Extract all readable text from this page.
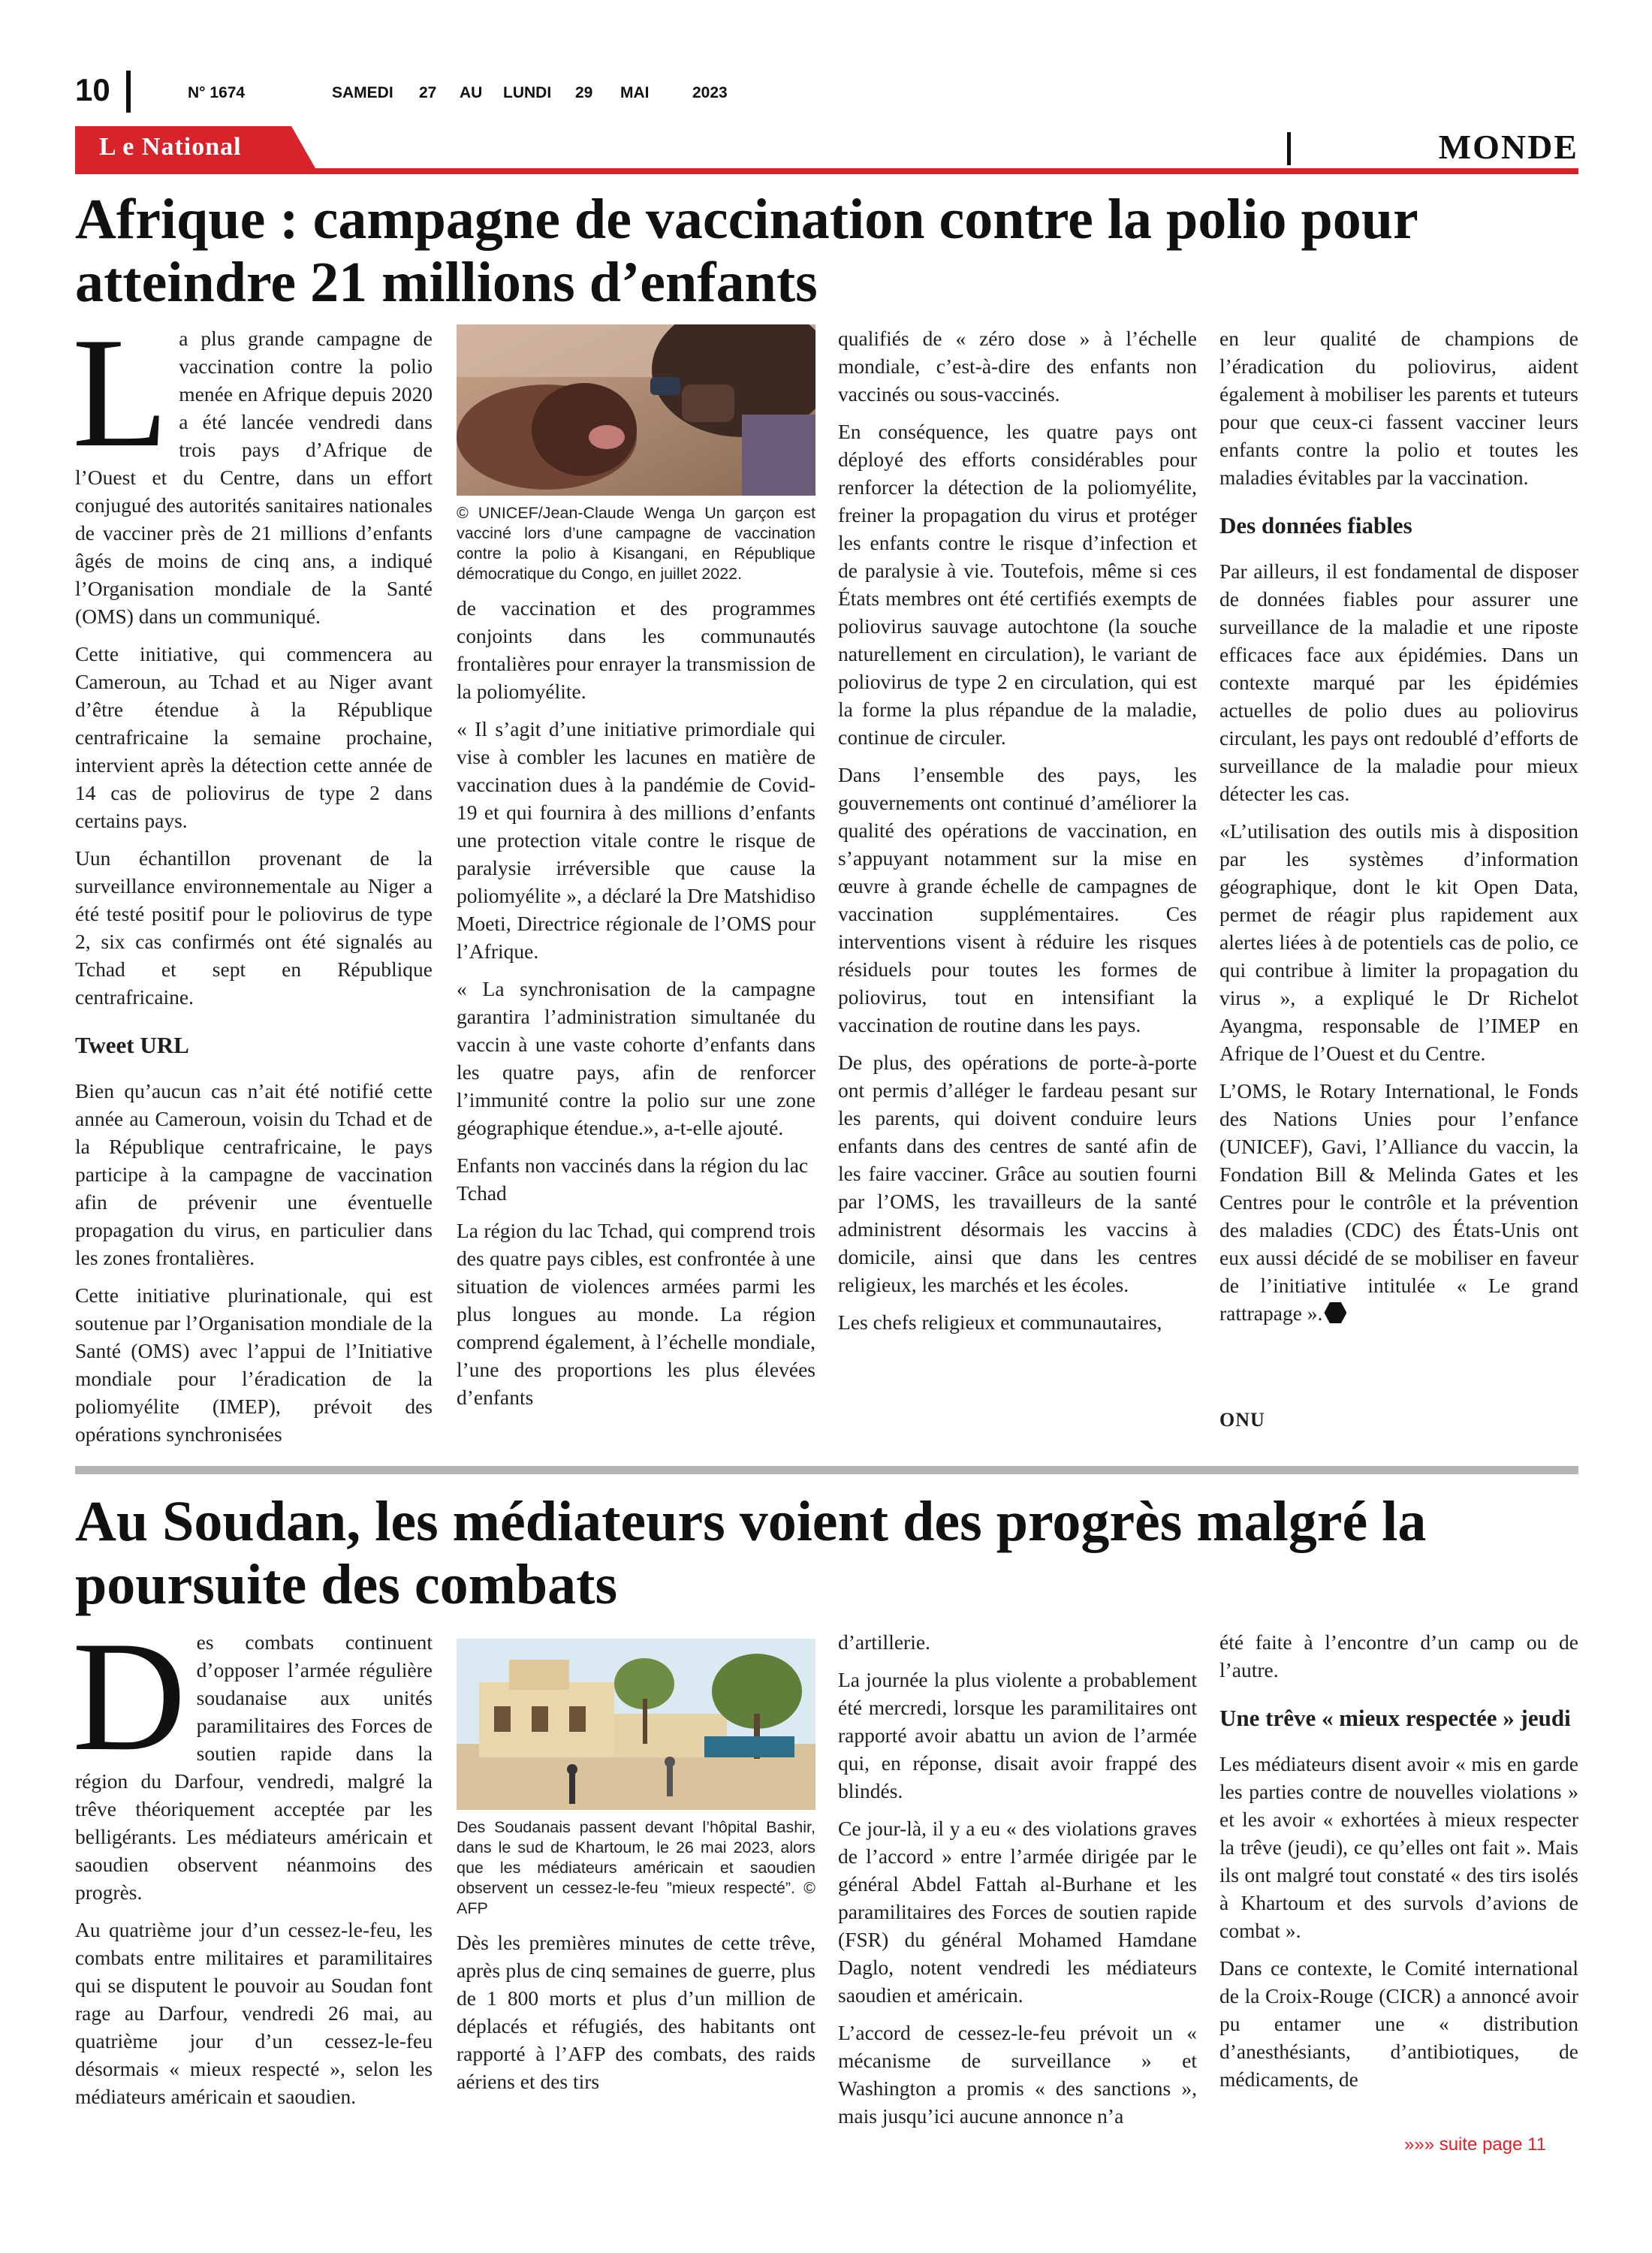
10	N° 1674	SAMEDI 27 AU LUNDI 29 MAI	2023
L e National	MONDE
Afrique : campagne de vaccination contre la polio pour atteindre 21 millions d’enfants
L a plus grande campagne de vaccination contre la polio menée en Afrique depuis 2020 a été lancée vendredi dans trois pays d’Afrique de l’Ouest et du Centre, dans un effort conjugué des autorités sanitaires nationales de vacciner près de 21 millions d’enfants âgés de moins de cinq ans, a indiqué l’Organisation mondiale de la Santé (OMS) dans un communiqué.

Cette initiative, qui commencera au Cameroun, au Tchad et au Niger avant d’être étendue à la République centrafricaine la semaine prochaine, intervient après la détection cette année de 14 cas de poliovirus de type 2 dans certains pays.

Uun échantillon provenant de la surveillance environnementale au Niger a été testé positif pour le poliovirus de type 2, six cas confirmés ont été signalés au Tchad et sept en République centrafricaine.

Tweet URL

Bien qu’aucun cas n’ait été notifié cette année au Cameroun, voisin du Tchad et de la République centrafricaine, le pays participe à la campagne de vaccination afin de prévenir une éventuelle propagation du virus, en particulier dans les zones frontalières.

Cette initiative plurinationale, qui est soutenue par l’Organisation mondiale de la Santé (OMS) avec l’appui de l’Initiative mondiale pour l’éradication de la poliomyélite (IMEP), prévoit des opérations synchronisées

© UNICEF/Jean-Claude Wenga Un garçon est vacciné lors d’une campagne de vaccination contre la polio à Kisangani, en République démocratique du Congo, en juillet 2022.

de vaccination et des programmes conjoints dans les communautés frontalières pour enrayer la transmission de la poliomyélite.

« Il s’agit d’une initiative primordiale qui vise à combler les lacunes en matière de vaccination dues à la pandémie de Covid-19 et qui fournira à des millions d’enfants une protection vitale contre le risque de paralysie irréversible que cause la poliomyélite », a déclaré la Dre Matshidiso Moeti, Directrice régionale de l’OMS pour l’Afrique.

« La synchronisation de la campagne garantira l’administration simultanée du vaccin à une vaste cohorte d’enfants dans les quatre pays, afin de renforcer l’immunité contre la polio sur une zone géographique étendue.», a-t-elle ajouté.

Enfants non vaccinés dans la région du lac Tchad

La région du lac Tchad, qui comprend trois des quatre pays cibles, est confrontée à une situation de violences armées parmi les plus longues au monde. La région comprend également, à l’échelle mondiale, l’une des proportions les plus élevées d’enfants

qualifiés de « zéro dose » à l’échelle mondiale, c’est-à-dire des enfants non vaccinés ou sous-vaccinés.

En conséquence, les quatre pays ont déployé des efforts considérables pour renforcer la détection de la poliomyélite, freiner la propagation du virus et protéger les enfants contre le risque d’infection et de paralysie à vie. Toutefois, même si ces États membres ont été certifiés exempts de poliovirus sauvage autochtone (la souche naturellement en circulation), le variant de poliovirus de type 2 en circulation, qui est la forme la plus répandue de la maladie, continue de circuler.

Dans l’ensemble des pays, les gouvernements ont continué d’améliorer la qualité des opérations de vaccination, en s’appuyant notamment sur la mise en œuvre à grande échelle de campagnes de vaccination supplémentaires. Ces interventions visent à réduire les risques résiduels pour toutes les formes de poliovirus, tout en intensifiant la vaccination de routine dans les pays.

De plus, des opérations de porte-à-porte ont permis d’alléger le fardeau pesant sur les parents, qui doivent conduire leurs enfants dans des centres de santé afin de les faire vacciner. Grâce au soutien fourni par l’OMS, les travailleurs de la santé administrent désormais les vaccins à domicile, ainsi que dans les centres religieux, les marchés et les écoles.

Les chefs religieux et communautaires,

en leur qualité de champions de l’éradication du poliovirus, aident également à mobiliser les parents et tuteurs pour que ceux-ci fassent vacciner leurs enfants contre la polio et toutes les maladies évitables par la vaccination.

Des données fiables

Par ailleurs, il est fondamental de disposer de données fiables pour assurer une surveillance de la maladie et une riposte efficaces face aux épidémies. Dans un contexte marqué par les épidémies actuelles de polio dues au poliovirus circulant, les pays ont redoublé d’efforts de surveillance de la maladie pour mieux détecter les cas.

«L’utilisation des outils mis à disposition par les systèmes d’information géographique, dont le kit Open Data, permet de réagir plus rapidement aux alertes liées à de potentiels cas de polio, ce qui contribue à limiter la propagation du virus », a expliqué le Dr Richelot Ayangma, responsable de l’IMEP en Afrique de l’Ouest et du Centre.

L’OMS, le Rotary International, le Fonds des Nations Unies pour l’enfance (UNICEF), Gavi, l’Alliance du vaccin, la Fondation Bill & Melinda Gates et les Centres pour le contrôle et la prévention des maladies (CDC) des États-Unis ont eux aussi décidé de se mobiliser en faveur de l’initiative intitulée « Le grand rattrapage ».

ONU
Au Soudan, les médiateurs voient des progrès malgré la poursuite des combats
D es combats continuent d’opposer l’armée régulière soudanaise aux unités paramilitaires des Forces de soutien rapide dans la région du Darfour, vendredi, malgré la trêve théoriquement acceptée par les belligérants. Les médiateurs américain et saoudien observent néanmoins des progrès.

Au quatrième jour d’un cessez-le-feu, les combats entre militaires et paramilitaires qui se disputent le pouvoir au Soudan font rage au Darfour, vendredi 26 mai, au quatrième jour d’un cessez-le-feu désormais « mieux respecté », selon les médiateurs américain et saoudien.

Des Soudanais passent devant l’hôpital Bashir, dans le sud de Khartoum, le 26 mai 2023, alors que les médiateurs américain et saoudien observent un cessez-le-feu ”mieux respecté”. © AFP

Dès les premières minutes de cette trêve, après plus de cinq semaines de guerre, plus de 1 800 morts et plus d’un million de déplacés et réfugiés, des habitants ont rapporté à l’AFP des combats, des raids aériens et des tirs

d’artillerie.

La journée la plus violente a probablement été mercredi, lorsque les paramilitaires ont rapporté avoir abattu un avion de l’armée qui, en réponse, disait avoir frappé des blindés.

Ce jour-là, il y a eu « des violations graves de l’accord » entre l’armée dirigée par le général Abdel Fattah al-Burhane et les paramilitaires des Forces de soutien rapide (FSR) du général Mohamed Hamdane Daglo, notent vendredi les médiateurs saoudien et américain.

L’accord de cessez-le-feu prévoit un « mécanisme de surveillance » et Washington a promis « des sanctions », mais jusqu’ici aucune annonce n’a

été faite à l’encontre d’un camp ou de l’autre.

Une trêve « mieux respectée » jeudi

Les médiateurs disent avoir « mis en garde les parties contre de nouvelles violations » et les avoir « exhortées à mieux respecter la trêve (jeudi), ce qu’elles ont fait ». Mais ils ont malgré tout constaté « des tirs isolés à Khartoum et des survols d’avions de combat ».

Dans ce contexte, le Comité international de la Croix-Rouge (CICR) a annoncé avoir pu entamer une « distribution d’anesthésiants, d’antibiotiques, de médicaments, de

»»» suite page 11
